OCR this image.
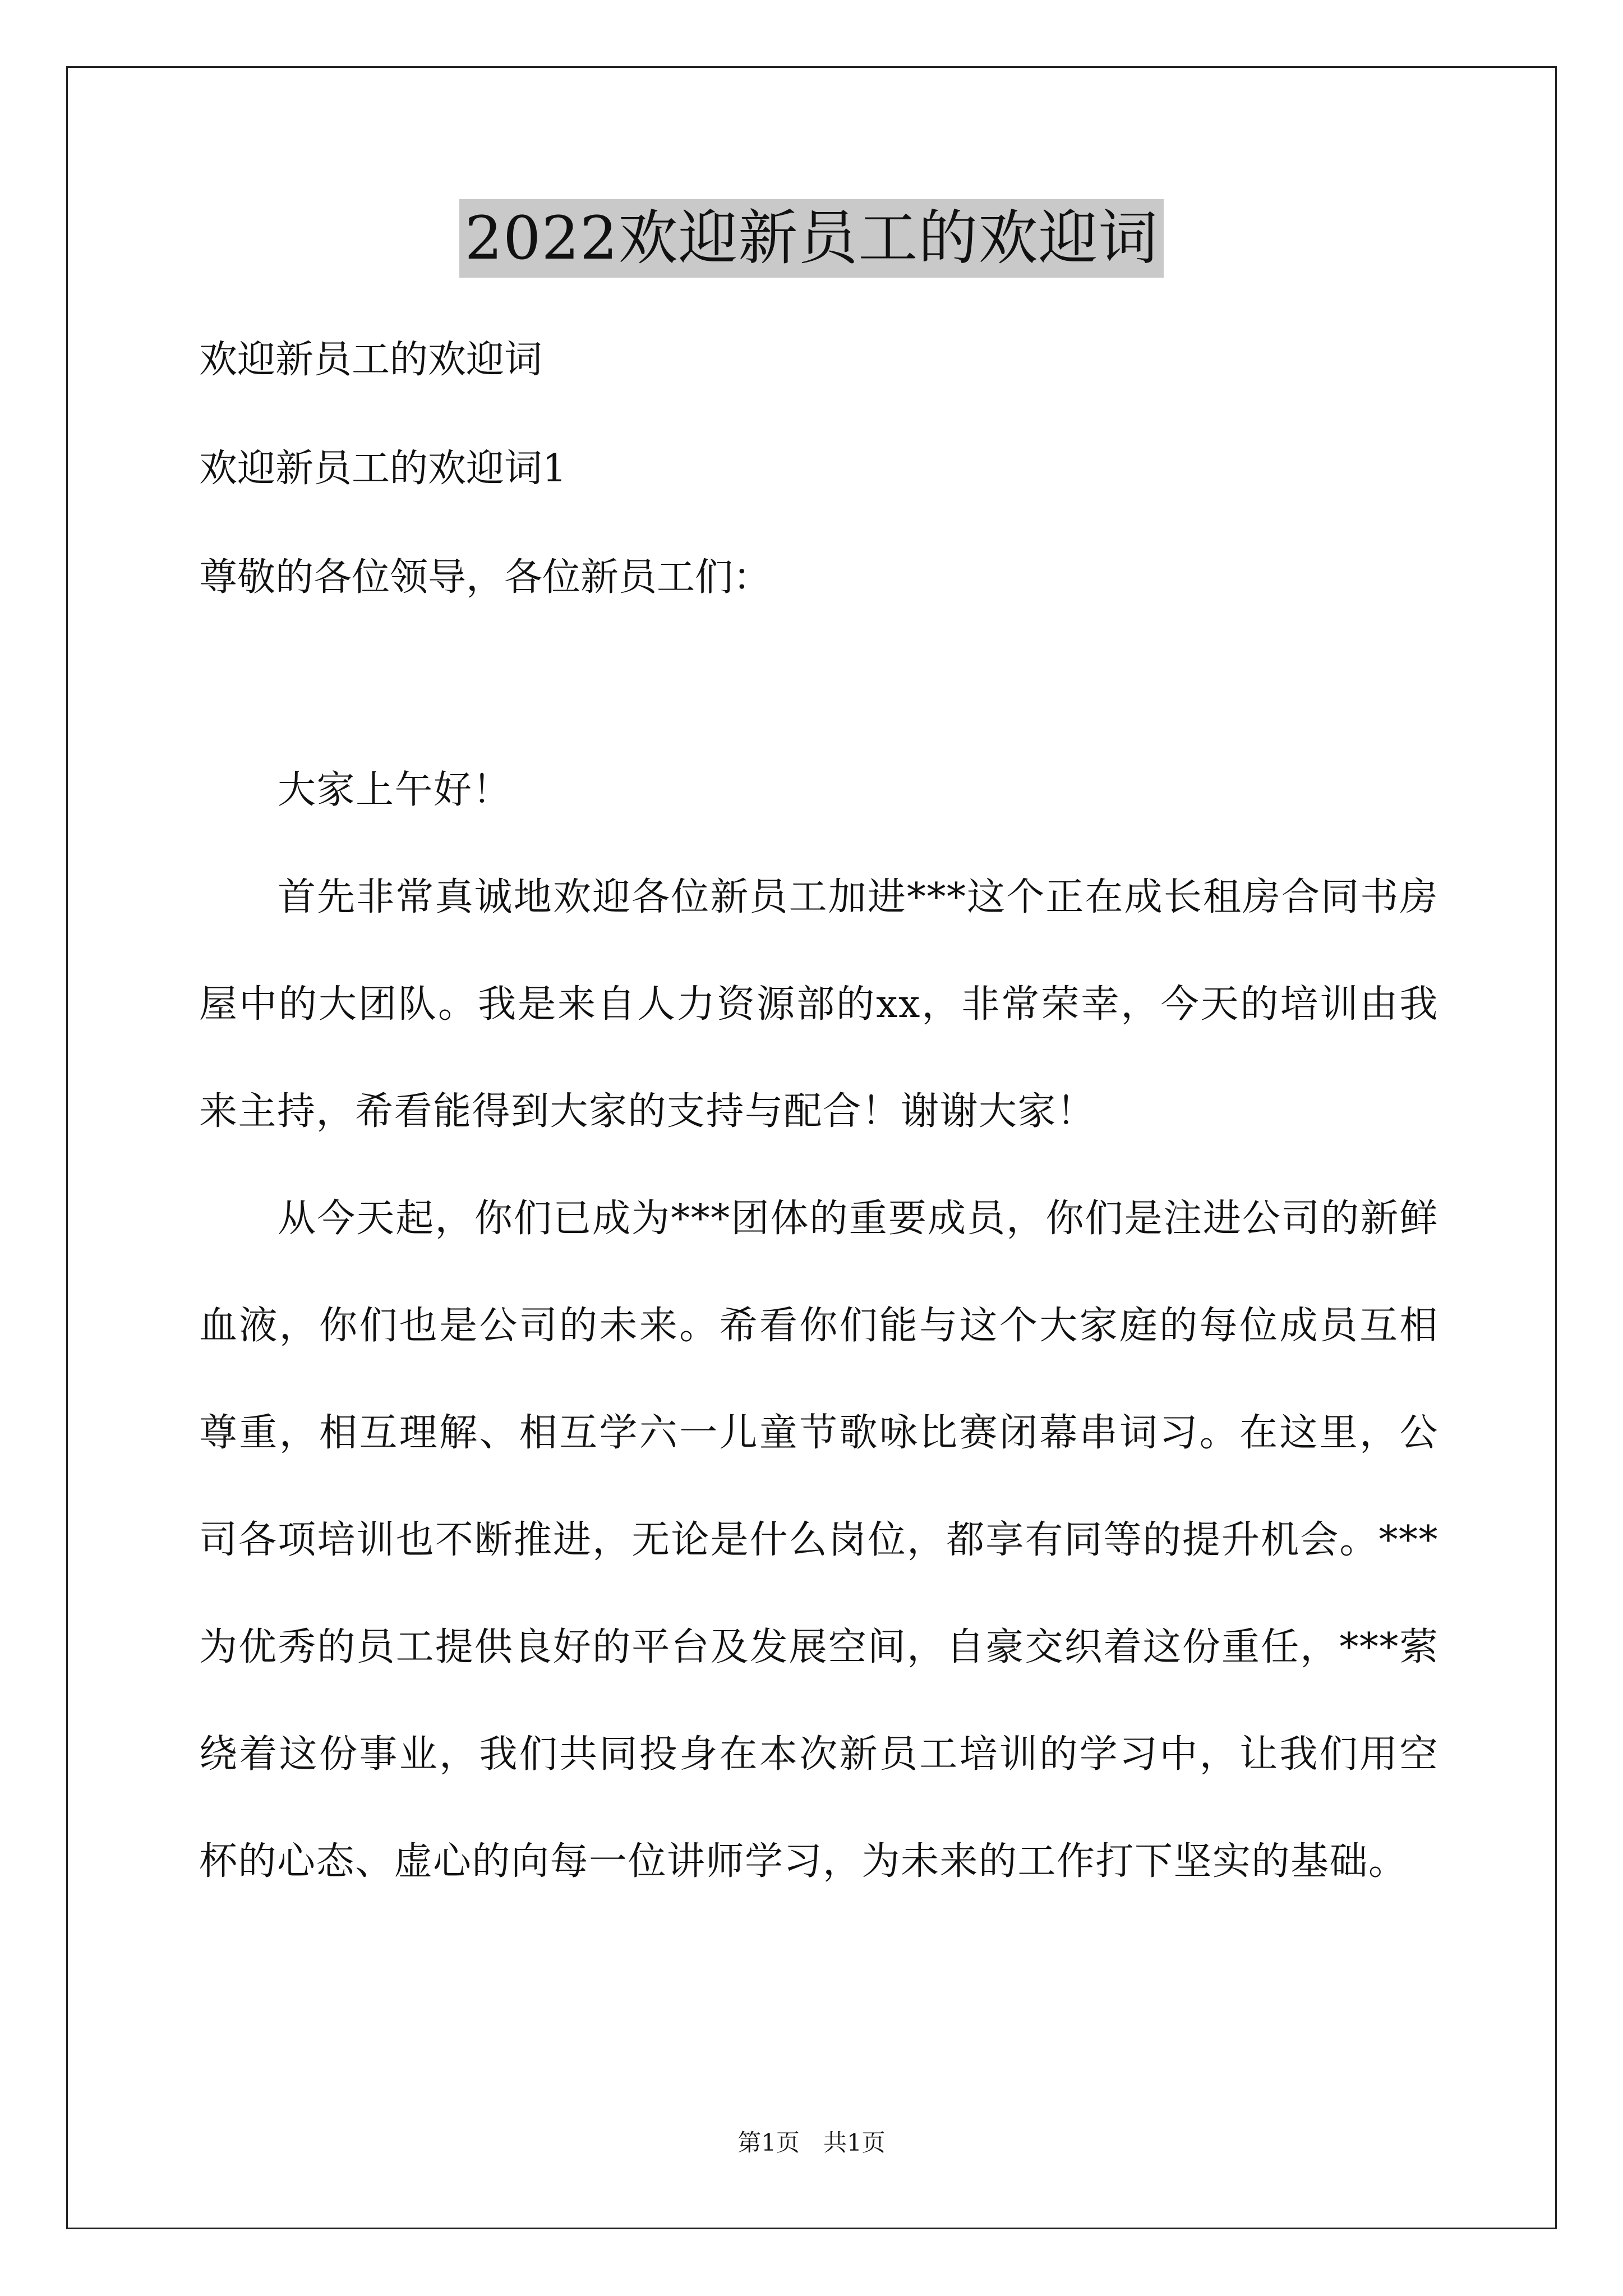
2022欢迎新员工的欢迎词

欢迎新员工的欢迎词

欢迎新员工的欢迎词1

尊敬的各位领导，各位新员工们：

大家上午好！

首先非常真诚地欢迎各位新员工加进***这个正在成长租房合同书房屋中的大团队。我是来自人力资源部的xx，非常荣幸，今天的培训由我来主持，希看能得到大家的支持与配合！谢谢大家！

从今天起，你们已成为***团体的重要成员，你们是注进公司的新鲜血液，你们也是公司的未来。希看你们能与这个大家庭的每位成员互相尊重，相互理解、相互学六一儿童节歌咏比赛闭幕串词习。在这里，公司各项培训也不断推进，无论是什么岗位，都享有同等的提升机会。***为优秀的员工提供良好的平台及发展空间，自豪交织着这份重任，***萦绕着这份事业，我们共同投身在本次新员工培训的学习中，让我们用空杯的心态、虚心的向每一位讲师学习，为未来的工作打下坚实的基础。

第1页　共1页
